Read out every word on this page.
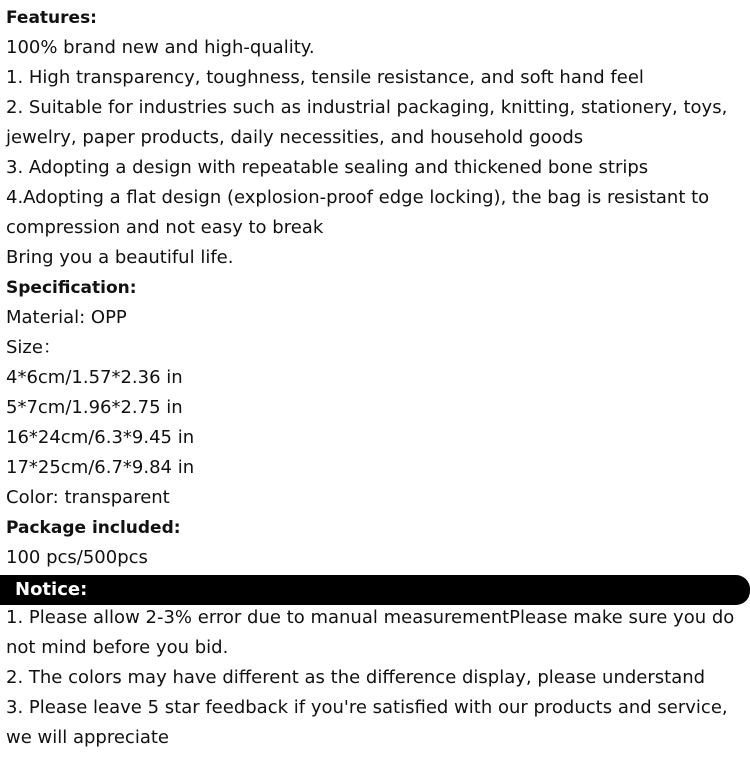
Features:
100% brand new and high-quality.
1. High transparency, toughness, tensile resistance, and soft hand feel
2. Suitable for industries such as industrial packaging, knitting, stationery, toys,
jewelry, paper products, daily necessities, and household goods
3. Adopting a design with repeatable sealing and thickened bone strips
4.Adopting a flat design (explosion-proof edge locking), the bag is resistant to
compression and not easy to break
Bring you a beautiful life.
Specification:
Material: OPP
Size：
4*6cm/1.57*2.36 in
5*7cm/1.96*2.75 in
16*24cm/6.3*9.45 in
17*25cm/6.7*9.84 in
Color: transparent
Package included:
100 pcs/500pcs
Notice:
1. Please allow 2-3% error due to manual measurementPlease make sure you do
not mind before you bid.
2. The colors may have different as the difference display, please understand
3. Please leave 5 star feedback if you're satisfied with our products and service,
we will appreciate
